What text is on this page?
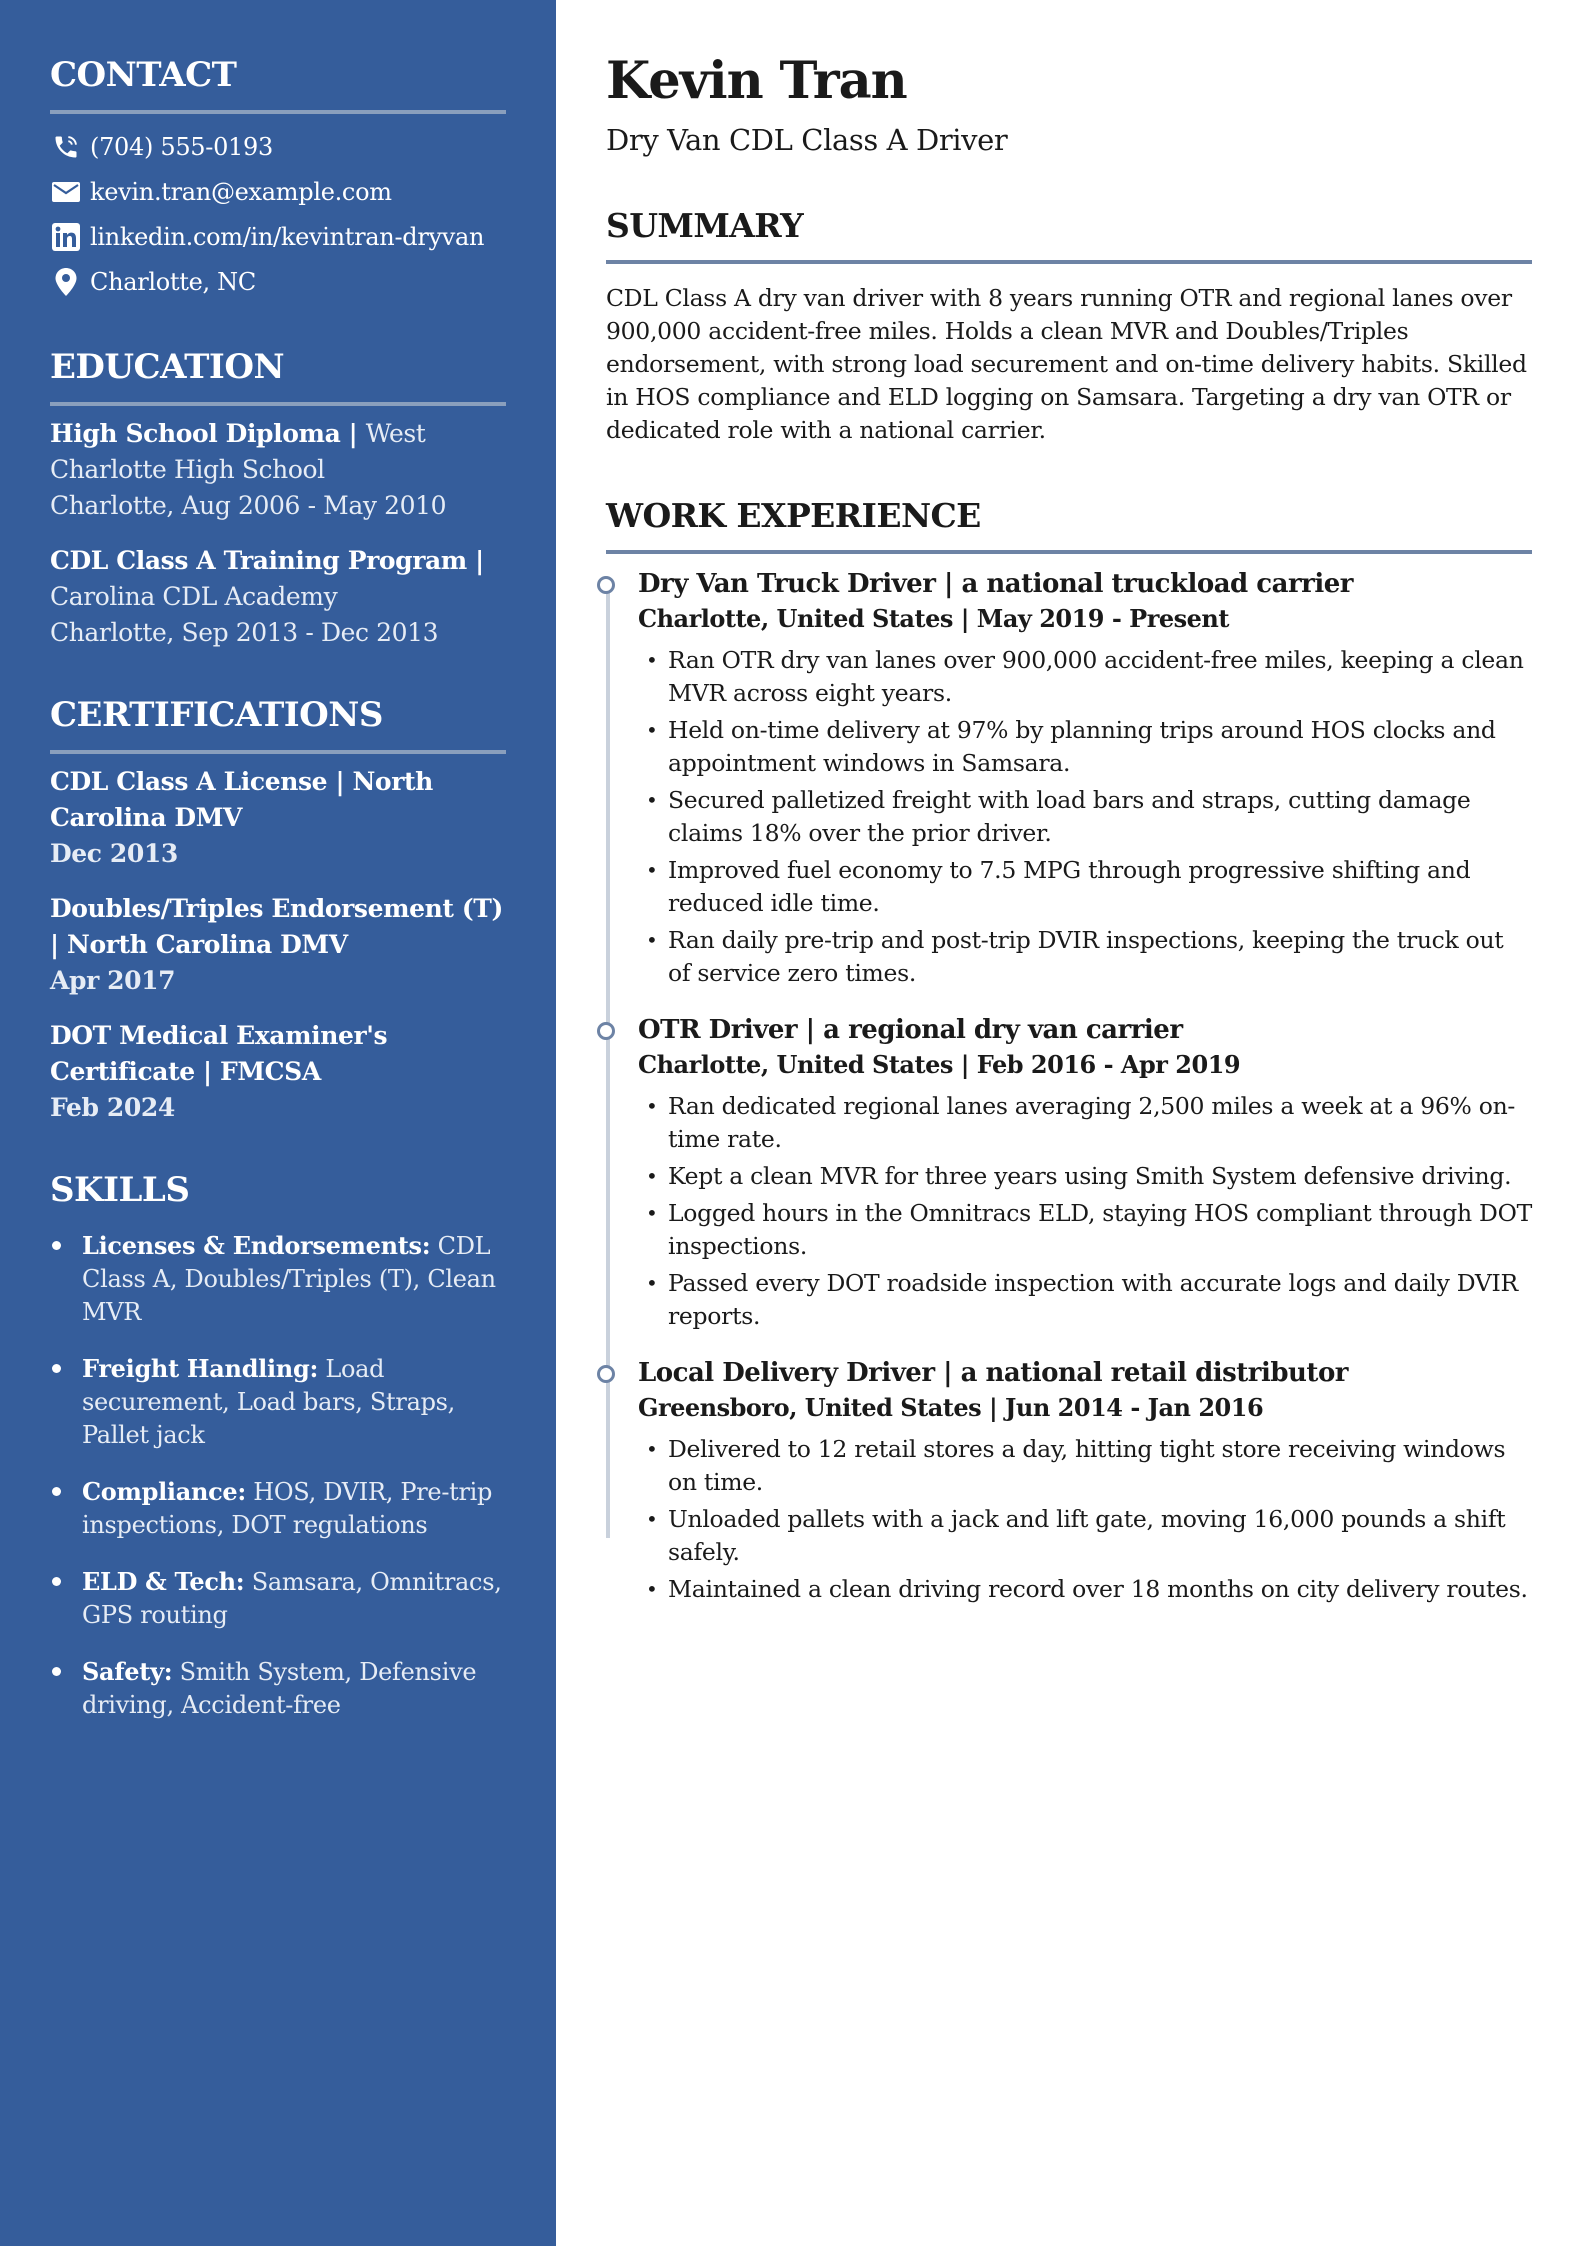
CONTACT
(704) 555-0193
kevin.tran@example.com
linkedin.com/in/kevintran-dryvan
Charlotte, NC
EDUCATION
High School Diploma | West Charlotte High School
Charlotte, Aug 2006 - May 2010
CDL Class A Training Program |
Carolina CDL Academy
Charlotte, Sep 2013 - Dec 2013
CERTIFICATIONS
CDL Class A License | North Carolina DMV
Dec 2013
Doubles/Triples Endorsement (T) | North Carolina DMV
Apr 2017
DOT Medical Examiner's Certificate | FMCSA
Feb 2024
SKILLS
Licenses & Endorsements: CDL Class A, Doubles/Triples (T), Clean MVR
Freight Handling: Load securement, Load bars, Straps, Pallet jack
Compliance: HOS, DVIR, Pre-trip inspections, DOT regulations
ELD & Tech: Samsara, Omnitracs, GPS routing
Safety: Smith System, Defensive driving, Accident-free
Kevin Tran
Dry Van CDL Class A Driver
SUMMARY

CDL Class A dry van driver with 8 years running OTR and regional lanes over 900,000 accident-free miles. Holds a clean MVR and Doubles/Triples endorsement, with strong load securement and on-time delivery habits. Skilled in HOS compliance and ELD logging on Samsara. Targeting a dry van OTR or dedicated role with a national carrier.

WORK EXPERIENCE
Dry Van Truck Driver | a national truckload carrier
Charlotte, United States | May 2019 - Present
• Ran OTR dry van lanes over 900,000 accident-free miles, keeping a clean MVR across eight years.
• Held on-time delivery at 97% by planning trips around HOS clocks and appointment windows in Samsara.
• Secured palletized freight with load bars and straps, cutting damage claims 18% over the prior driver.
• Improved fuel economy to 7.5 MPG through progressive shifting and reduced idle time.
• Ran daily pre-trip and post-trip DVIR inspections, keeping the truck out of service zero times.
OTR Driver | a regional dry van carrier
Charlotte, United States | Feb 2016 - Apr 2019
• Ran dedicated regional lanes averaging 2,500 miles a week at a 96% on-time rate.
• Kept a clean MVR for three years using Smith System defensive driving.
• Logged hours in the Omnitracs ELD, staying HOS compliant through DOT inspections.
• Passed every DOT roadside inspection with accurate logs and daily DVIR reports.
Local Delivery Driver | a national retail distributor
Greensboro, United States | Jun 2014 - Jan 2016
• Delivered to 12 retail stores a day, hitting tight store receiving windows on time.
• Unloaded pallets with a jack and lift gate, moving 16,000 pounds a shift safely.
• Maintained a clean driving record over 18 months on city delivery routes.
